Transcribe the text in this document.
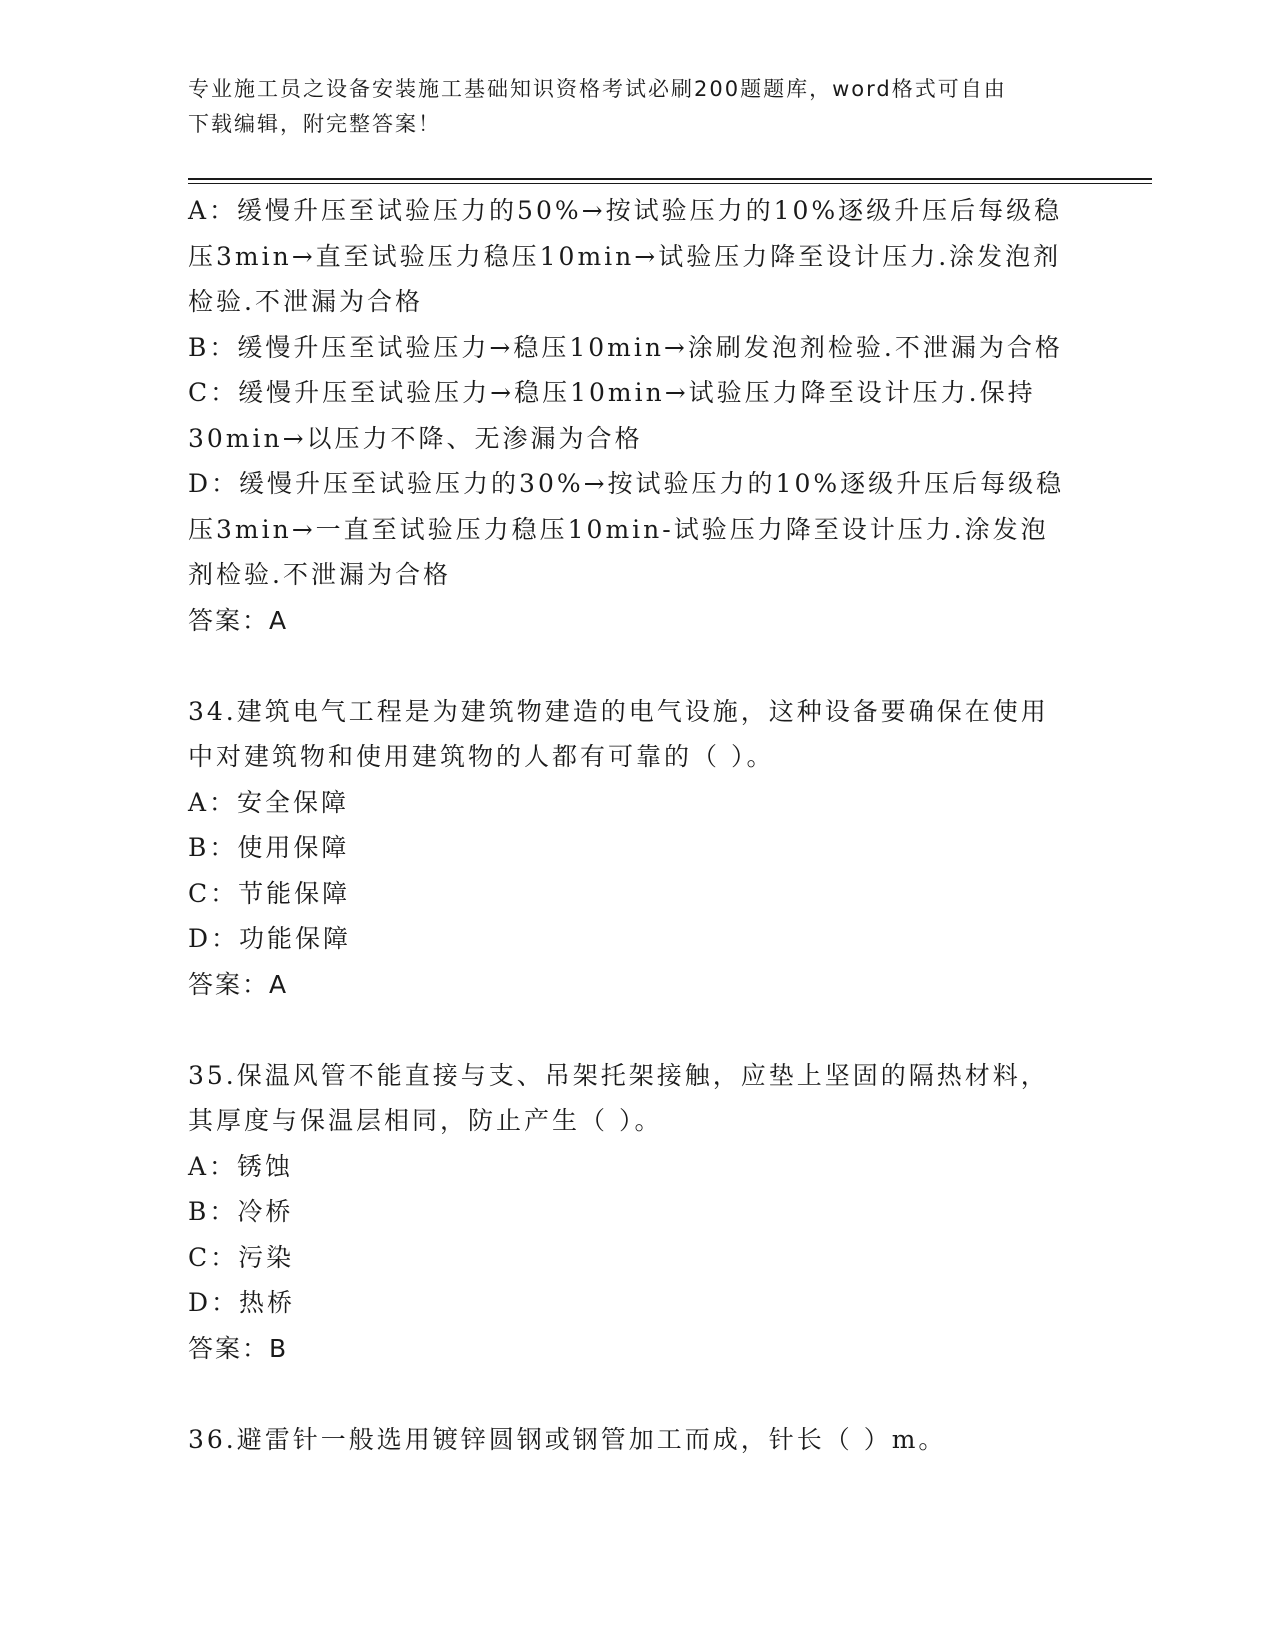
专业施工员之设备安装施工基础知识资格考试必刷200题题库，word格式可自由
下载编辑，附完整答案！
A：缓慢升压至试验压力的50%→按试验压力的10%逐级升压后每级稳
压3min→直至试验压力稳压10min→试验压力降至设计压力.涂发泡剂
检验.不泄漏为合格
B：缓慢升压至试验压力→稳压10min→涂刷发泡剂检验.不泄漏为合格
C：缓慢升压至试验压力→稳压10min→试验压力降至设计压力.保持
30min→以压力不降、无渗漏为合格
D：缓慢升压至试验压力的30%→按试验压力的10%逐级升压后每级稳
压3min→一直至试验压力稳压10min-试验压力降至设计压力.涂发泡
剂检验.不泄漏为合格
答案：A
34.建筑电气工程是为建筑物建造的电气设施，这种设备要确保在使用
中对建筑物和使用建筑物的人都有可靠的（ ）。
A：安全保障
B：使用保障
C：节能保障
D：功能保障
答案：A
35.保温风管不能直接与支、吊架托架接触，应垫上坚固的隔热材料，
其厚度与保温层相同，防止产生（ ）。
A：锈蚀
B：冷桥
C：污染
D：热桥
答案：B
36.避雷针一般选用镀锌圆钢或钢管加工而成，针长（ ）m。
